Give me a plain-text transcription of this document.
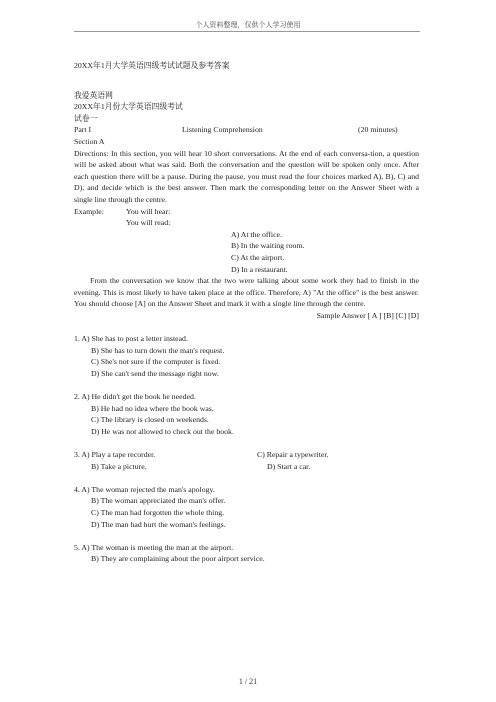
个人资料整理，仅供个人学习使用

20XX年1月大学英语四级考试试题及参考答案

我爱英语网

20XX年1月份大学英语四级考试

试卷一

Part I	Listening Comprehension	(20 minutes)

Section A

Directions: In this section, you will hear 10 short conversations. At the end of each conversa-tion, a question will be asked about what was said. Both the conversation and the question will be spoken only once. After each question there will be a pause. During the pause, you must read the four choices marked A), B), C) and D), and decide which is the best answer. Then mark the corresponding letter on the Answer Sheet with a single line through the centre.

Example:	You will hear:

You will read:

A) At the office.

B) In the waiting room.

C) At the airport.

D) In a restaurant.

From the conversation we know that the two were talking about some work they had to finish in the evening. This is most likely to have taken place at the office. Therefore, A) "At the office" is the best answer. You should choose [A] on the Answer Sheet and mark it with a single line through the centre.

Sample Answer [ A ] [B] [C] [D]

1. A) She has to post a letter instead.

B) She has to turn down the man's request.

C) She's not sure if the computer is fixed.

D) She can't send the message right now.

2. A) He didn't get the book he needed.

B) He had no idea where the book was.

C) The library is closed on weekends.

D) He was not allowed to check out the book.

3. A) Play a tape recorder.	C) Repair a typewriter.
B) Take a picture.	D) Start a car.

4. A) The woman rejected the man's apology.

B) The woman appreciated the man's offer.

C) The man had forgotten the whole thing.

D) The man had hurt the woman's feelings.

5. A) The woman is meeting the man at the airport.

B) They are complaining about the poor airport service.

1 / 21
